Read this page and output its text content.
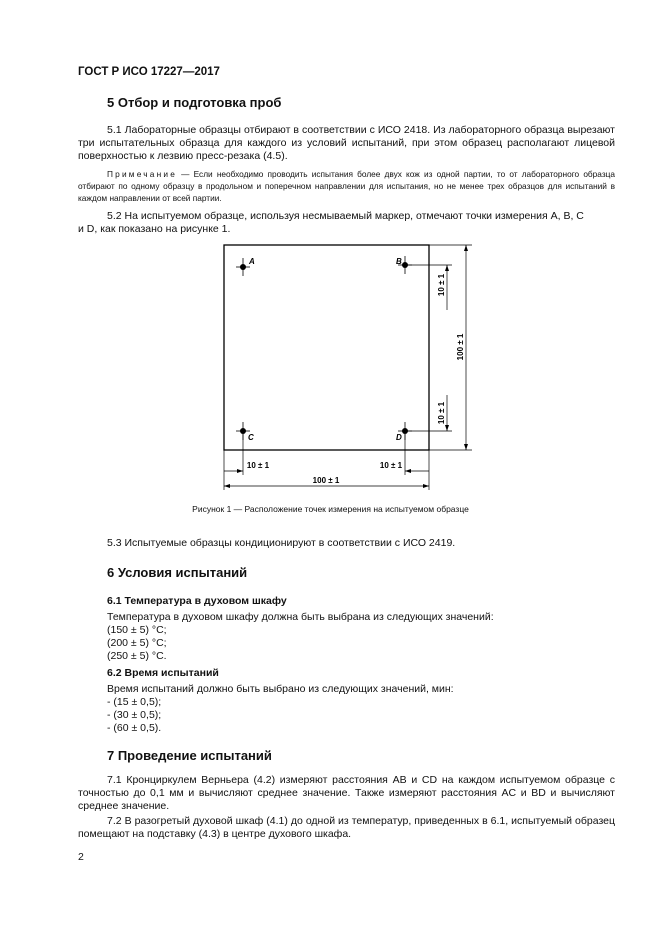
ГОСТ Р ИСО 17227—2017
5 Отбор и подготовка проб
5.1 Лабораторные образцы отбирают в соответствии с ИСО 2418. Из лабораторного образца вырезают три испытательных образца для каждого из условий испытаний, при этом образец располагают лицевой поверхностью к лезвию пресс-резака (4.5).
Примечание — Если необходимо проводить испытания более двух кож из одной партии, то от лабораторного образца отбирают по одному образцу в продольном и поперечном направлении для испытания, но не менее трех образцов для испытаний в каждом направлении от всей партии.
5.2 На испытуемом образце, используя несмываемый маркер, отмечают точки измерения A, B, C
и D, как показано на рисунке 1.
A	B
C	D
10 ± 1
100 ± 1
10 ± 1
10 ± 1	10 ± 1
100 ± 1
Рисунок 1 — Расположение точек измерения на испытуемом образце
5.3 Испытуемые образцы кондиционируют в соответствии с ИСО 2419.
6 Условия испытаний
6.1 Температура в духовом шкафу
Температура в духовом шкафу должна быть выбрана из следующих значений:
(150 ± 5) °С;
(200 ± 5) °С;
(250 ± 5) °С.
6.2 Время испытаний
Время испытаний должно быть выбрано из следующих значений, мин:
- (15 ± 0,5);
- (30 ± 0,5);
- (60 ± 0,5).
7 Проведение испытаний
7.1 Кронциркулем Верньера (4.2) измеряют расстояния AB и CD на каждом испытуемом образце с точностью до 0,1 мм и вычисляют среднее значение. Также измеряют расстояния AC и BD и вычисляют среднее значение.
7.2 В разогретый духовой шкаф (4.1) до одной из температур, приведенных в 6.1, испытуемый образец помещают на подставку (4.3) в центре духового шкафа.
2
